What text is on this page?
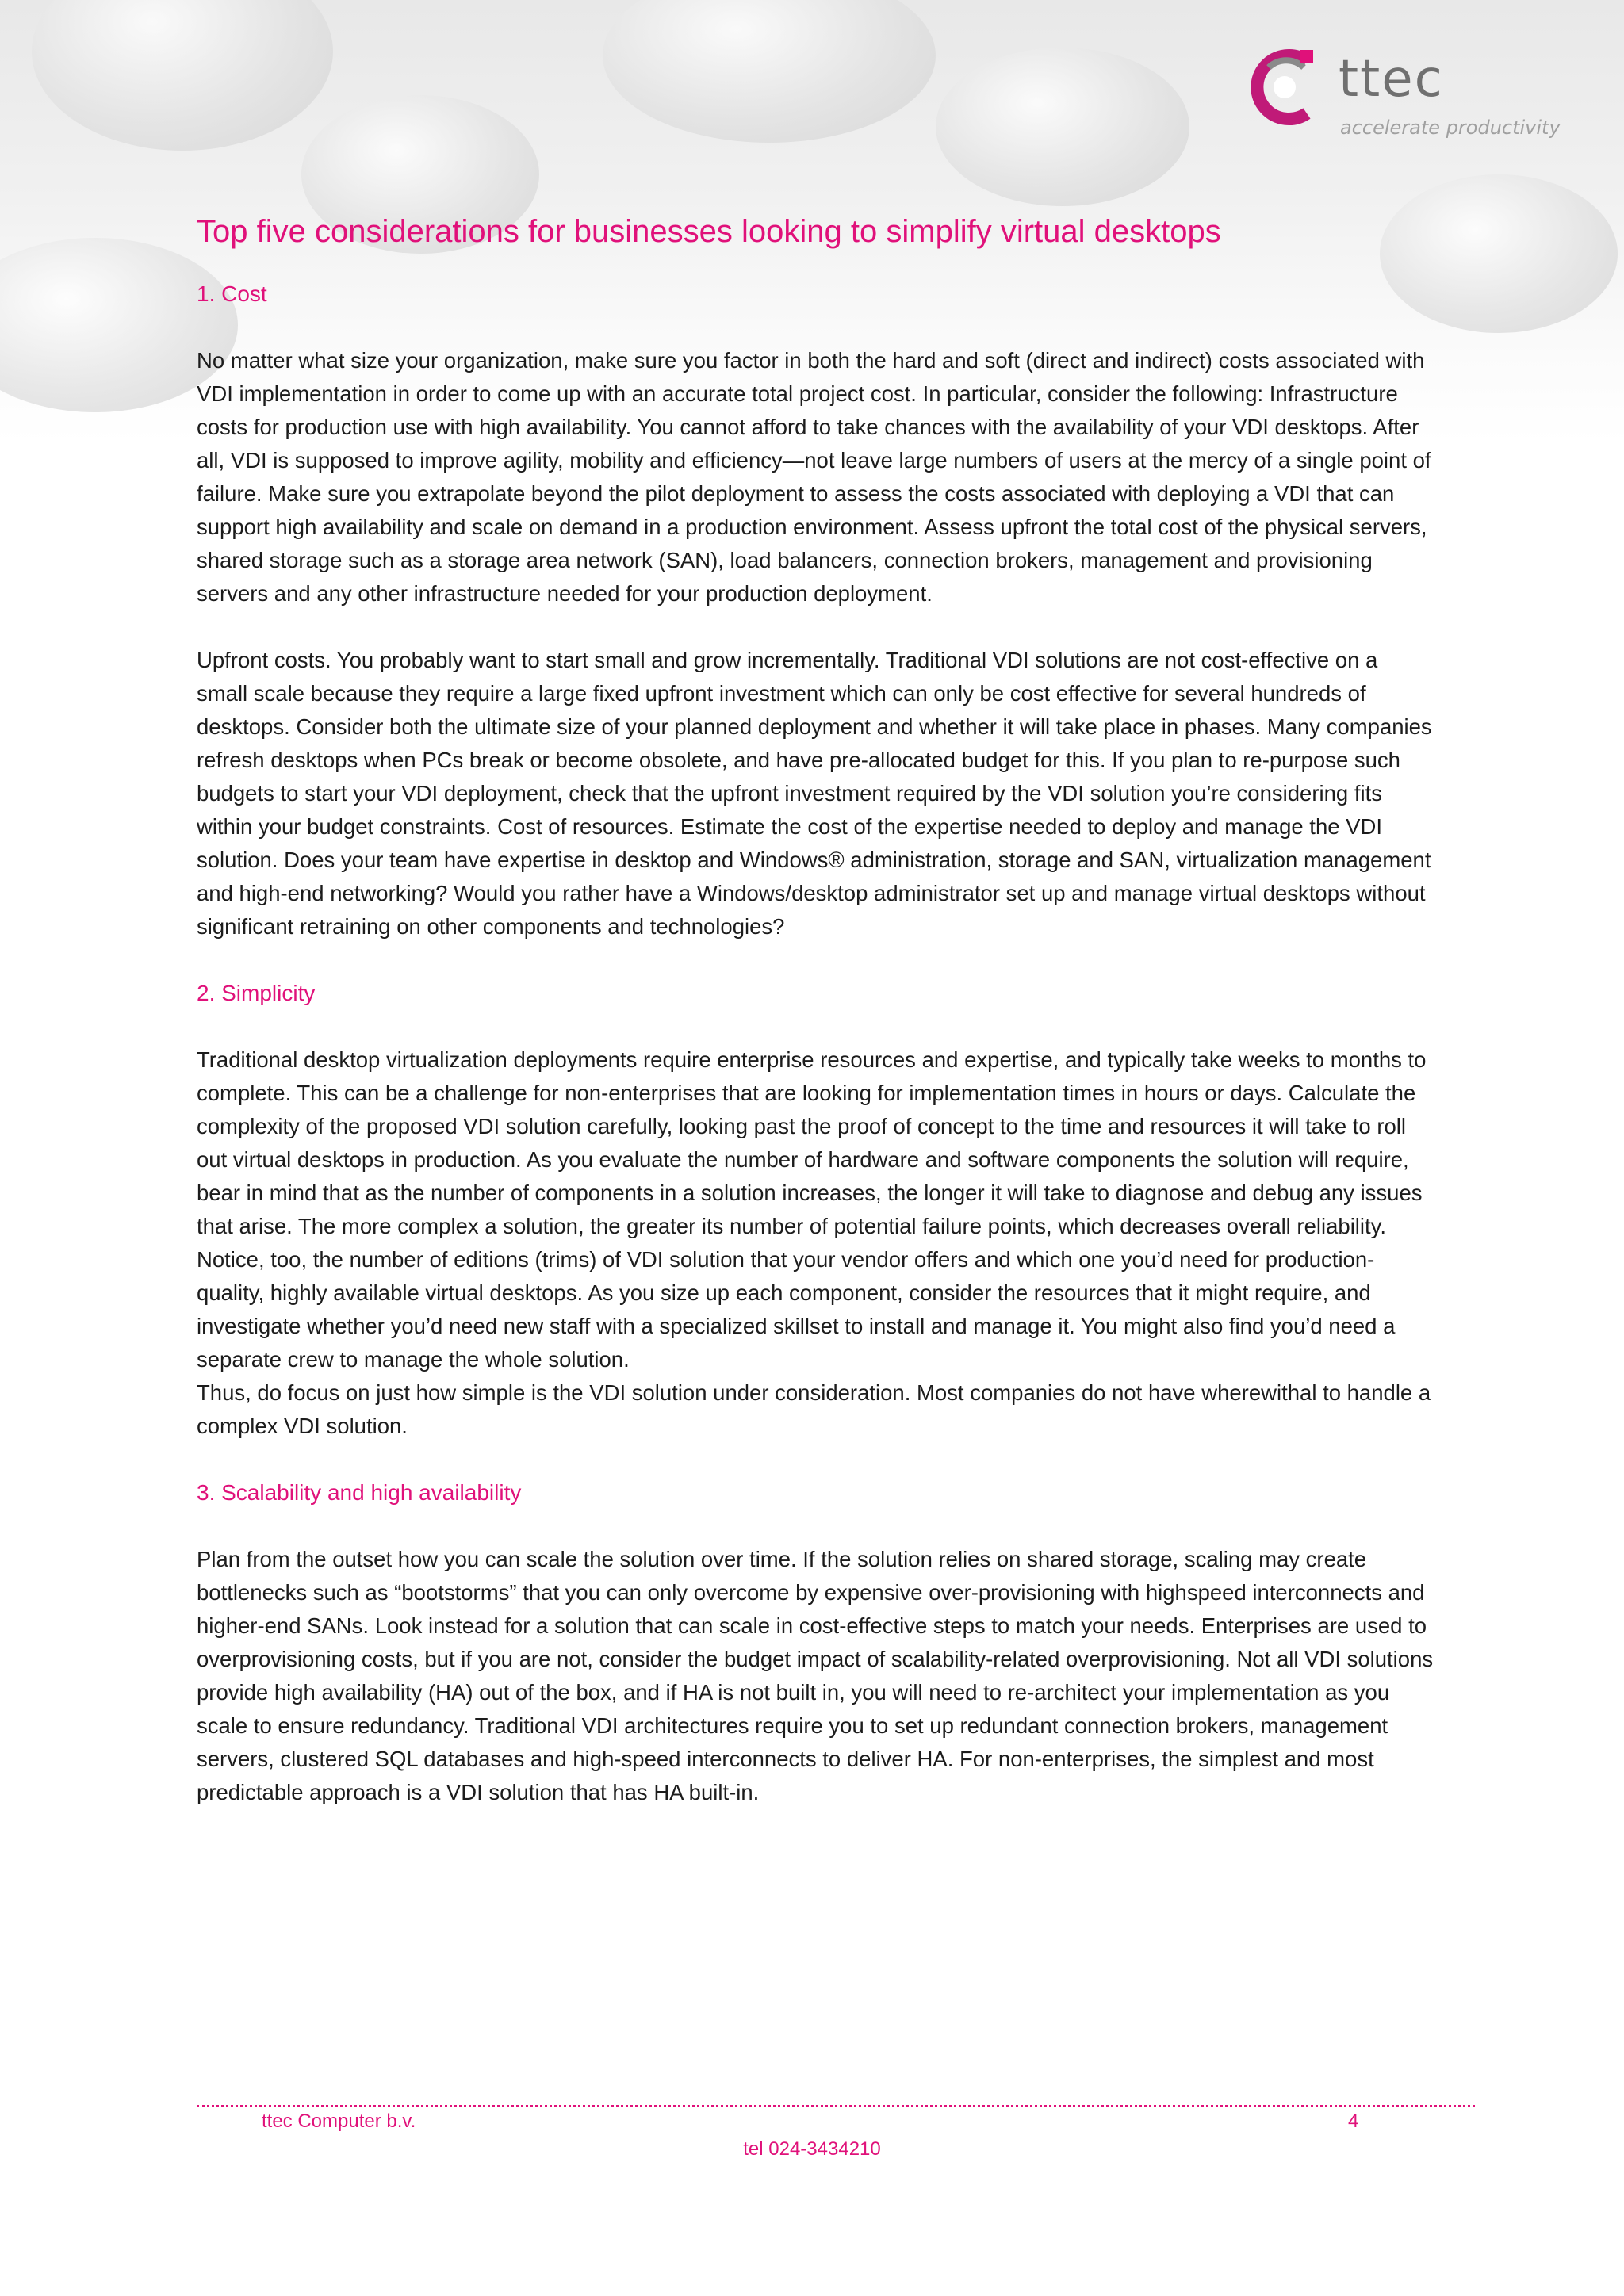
ttec
accelerate productivity
Top five considerations for businesses looking to simplify virtual desktops
1. Cost

No matter what size your organization, make sure you factor in both the hard and soft (direct and indirect) costs associated with VDI implementation in order to come up with an accurate total project cost. In particular, consider the following: Infrastructure costs for production use with high availability. You cannot afford to take chances with the availability of your VDI desktops. After all, VDI is supposed to improve agility, mobility and efficiency—not leave large numbers of users at the mercy of a single point of failure. Make sure you extrapolate beyond the pilot deployment to assess the costs associated with deploying a VDI that can support high availability and scale on demand in a production environment. Assess upfront the total cost of the physical servers, shared storage such as a storage area network (SAN), load balancers, connection brokers, management and provisioning servers and any other infrastructure needed for your production deployment.

Upfront costs. You probably want to start small and grow incrementally. Traditional VDI solutions are not cost-effective on a small scale because they require a large fixed upfront investment which can only be cost effective for several hundreds of desktops. Consider both the ultimate size of your planned deployment and whether it will take place in phases. Many companies refresh desktops when PCs break or become obsolete, and have pre-allocated budget for this. If you plan to re-purpose such budgets to start your VDI deployment, check that the upfront investment required by the VDI solution you’re considering fits within your budget constraints. Cost of resources. Estimate the cost of the expertise needed to deploy and manage the VDI solution. Does your team have expertise in desktop and Windows® administration, storage and SAN, virtualization management and high-end networking? Would you rather have a Windows/desktop administrator set up and manage virtual desktops without significant retraining on other components and technologies?

2. Simplicity

Traditional desktop virtualization deployments require enterprise resources and expertise, and typically take weeks to months to complete. This can be a challenge for non-enterprises that are looking for implementation times in hours or days. Calculate the complexity of the proposed VDI solution carefully, looking past the proof of concept to the time and resources it will take to roll out virtual desktops in production. As you evaluate the number of hardware and software components the solution will require, bear in mind that as the number of components in a solution increases, the longer it will take to diagnose and debug any issues that arise. The more complex a solution, the greater its number of potential failure points, which decreases overall reliability. Notice, too, the number of editions (trims) of VDI solution that your vendor offers and which one you’d need for production-quality, highly available virtual desktops. As you size up each component, consider the resources that it might require, and investigate whether you’d need new staff with a specialized skillset to install and manage it. You might also find you’d need a separate crew to manage the whole solution.

Thus, do focus on just how simple is the VDI solution under consideration. Most companies do not have wherewithal to handle a complex VDI solution.

3. Scalability and high availability

Plan from the outset how you can scale the solution over time. If the solution relies on shared storage, scaling may create bottlenecks such as “bootstorms” that you can only overcome by expensive over-provisioning with highspeed interconnects and higher-end SANs. Look instead for a solution that can scale in cost-effective steps to match your needs. Enterprises are used to overprovisioning costs, but if you are not, consider the budget impact of scalability-related overprovisioning. Not all VDI solutions provide high availability (HA) out of the box, and if HA is not built in, you will need to re-architect your implementation as you scale to ensure redundancy. Traditional VDI architectures require you to set up redundant connection brokers, management servers, clustered SQL databases and high-speed interconnects to deliver HA. For non-enterprises, the simplest and most predictable approach is a VDI solution that has HA built-in.

ttec Computer b.v.	4
tel 024-3434210
